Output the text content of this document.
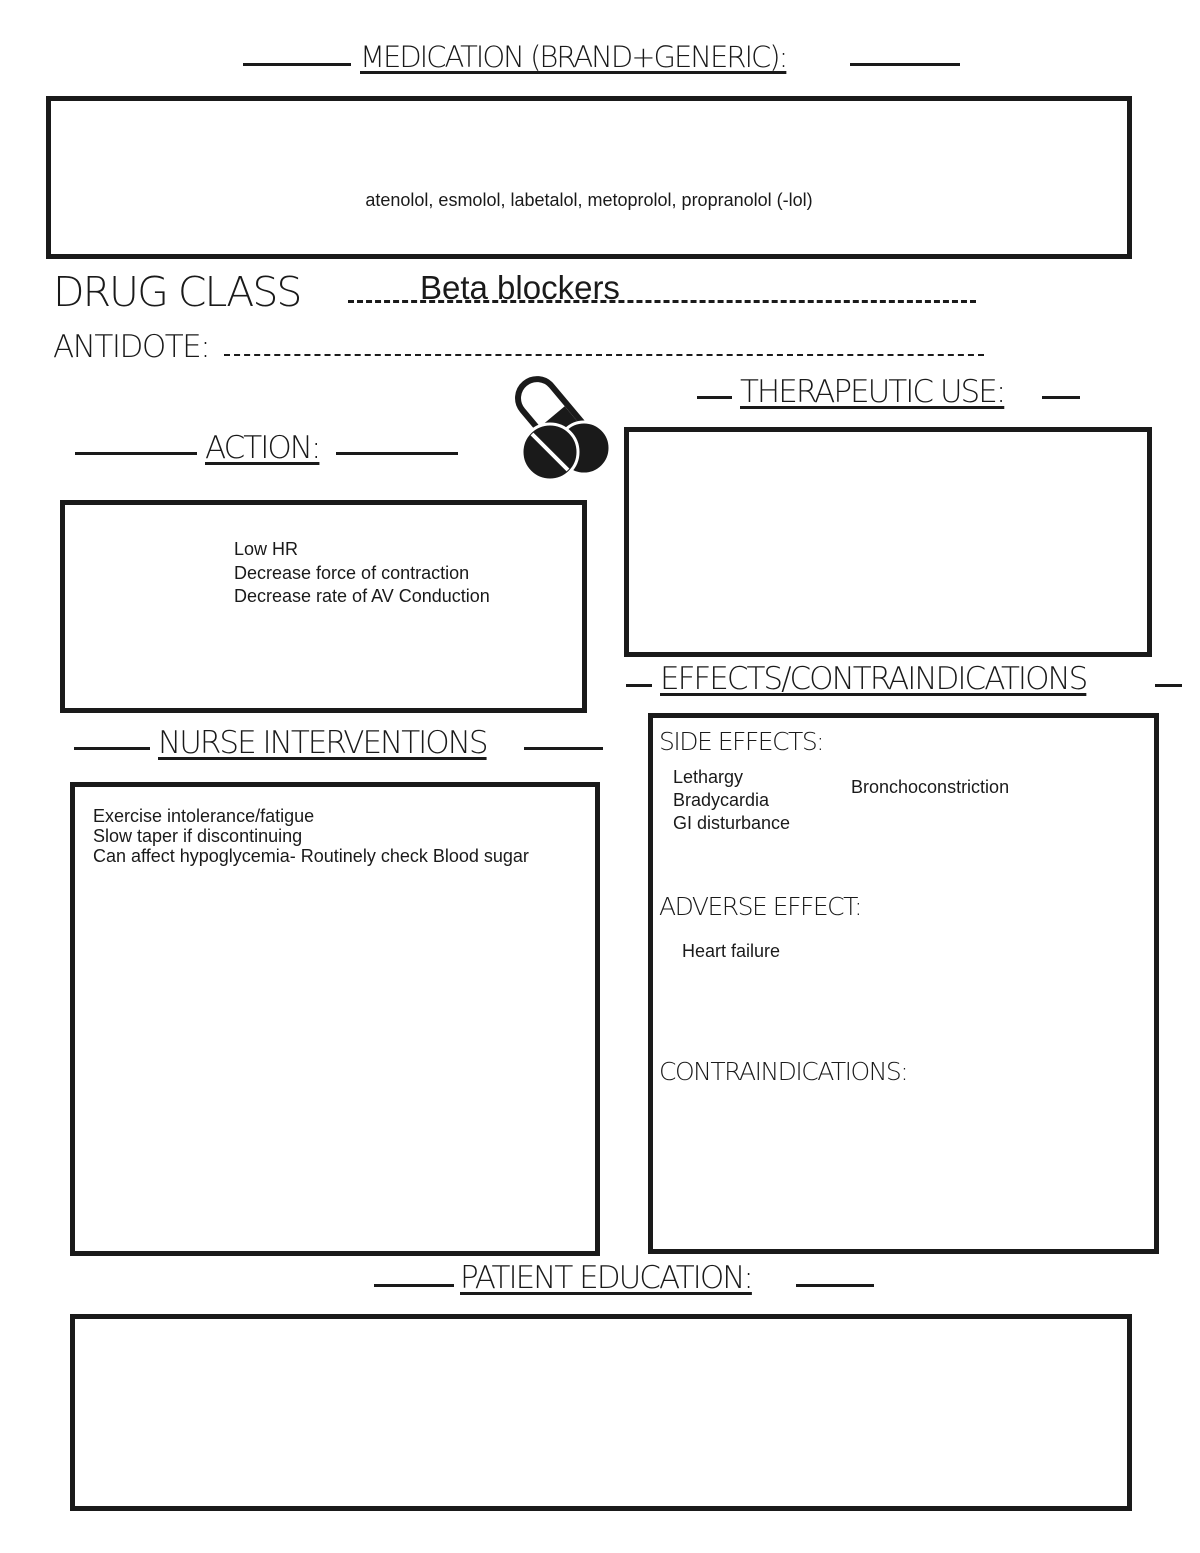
MEDICATION (BRAND+GENERIC):
atenolol, esmolol, labetalol, metoprolol, propranolol (-lol)
DRUG CLASS	Beta blockers
ANTIDOTE:
THERAPEUTIC USE:
ACTION:
Low HR
Decrease force of contraction
Decrease rate of AV Conduction
EFFECTS/CONTRAINDICATIONS
SIDE EFFECTS:
Lethargy
Bradycardia
GI disturbance
Bronchoconstriction
ADVERSE EFFECT:
Heart failure
CONTRAINDICATIONS:
NURSE INTERVENTIONS
Exercise intolerance/fatigue
Slow taper if discontinuing
Can affect hypoglycemia- Routinely check Blood sugar
PATIENT EDUCATION:
